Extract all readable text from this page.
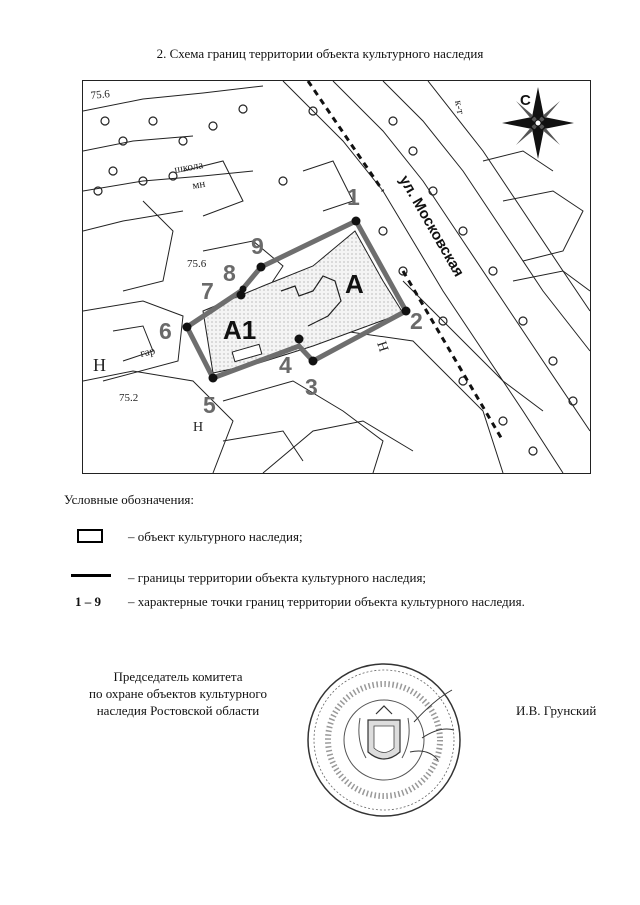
2. Схема границ территории объекта культурного наследия
1
2
3
4
5
6
7
8
9
А
А1
ул. Московская
75.6
75.2
75.6
школа
мн
гар
Н
к-т
Н
Н
С
Условные обозначения:
– объект культурного наследия;
– границы территории объекта культурного наследия;
1 – 9 – характерные точки границ территории объекта культурного наследия.
Председатель комитета
по охране объектов культурного
наследия Ростовской области	И.В. Грунский
